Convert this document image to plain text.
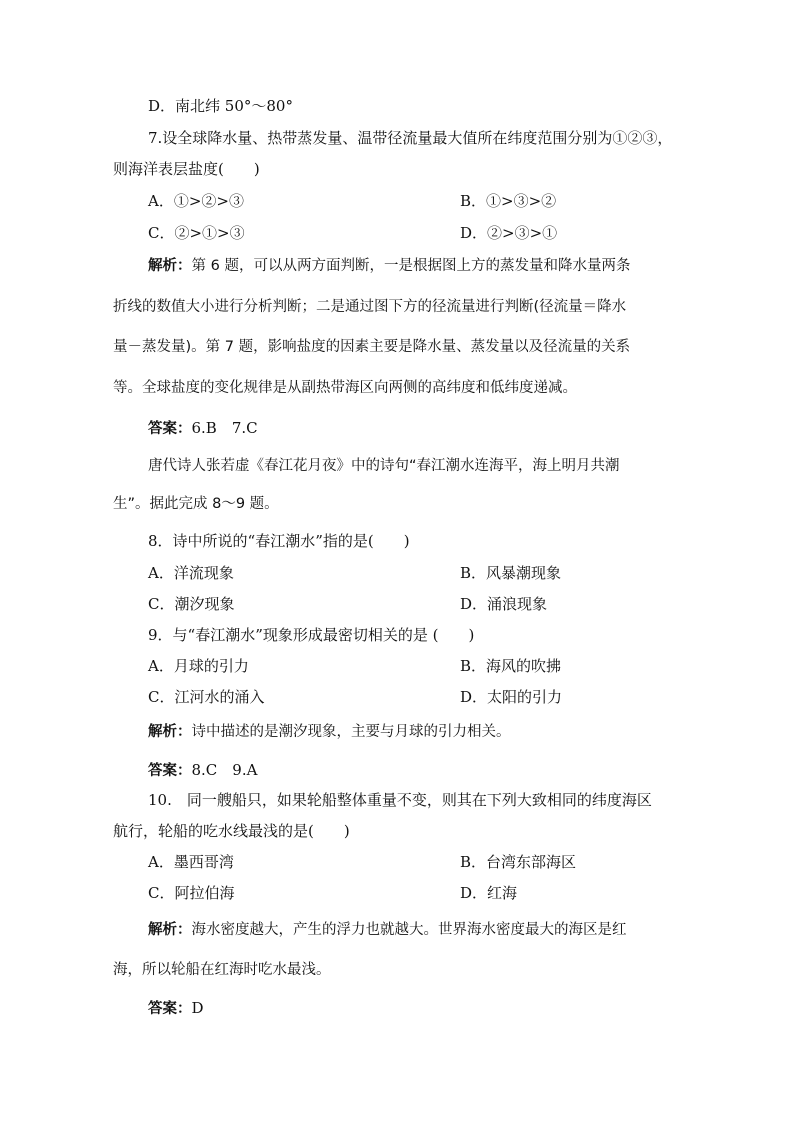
D．南北纬 50°～80°
7.设全球降水量、热带蒸发量、温带径流量最大值所在纬度范围分别为①②③，
则海洋表层盐度(　　)
A．①>②>③	B．①>③>②
C．②>①>③	D．②>③>①
解析：第 6 题，可以从两方面判断，一是根据图上方的蒸发量和降水量两条
折线的数值大小进行分析判断；二是通过图下方的径流量进行判断(径流量＝降水
量－蒸发量)。第 7 题，影响盐度的因素主要是降水量、蒸发量以及径流量的关系
等。全球盐度的变化规律是从副热带海区向两侧的高纬度和低纬度递减。
答案：6.B　7.C
唐代诗人张若虚《春江花月夜》中的诗句“春江潮水连海平，海上明月共潮
生”。据此完成 8～9 题。
8．诗中所说的“春江潮水”指的是(　　)
A．洋流现象	B．风暴潮现象
C．潮汐现象	D．涌浪现象
9．与“春江潮水”现象形成最密切相关的是 (　　)
A．月球的引力	B．海风的吹拂
C．江河水的涌入	D．太阳的引力
解析：诗中描述的是潮汐现象，主要与月球的引力相关。
答案：8.C　9.A
10.　同一艘船只，如果轮船整体重量不变，则其在下列大致相同的纬度海区
航行，轮船的吃水线最浅的是(　　)
A．墨西哥湾	B．台湾东部海区
C．阿拉伯海	D．红海
解析：海水密度越大，产生的浮力也就越大。世界海水密度最大的海区是红
海，所以轮船在红海时吃水最浅。
答案：D
